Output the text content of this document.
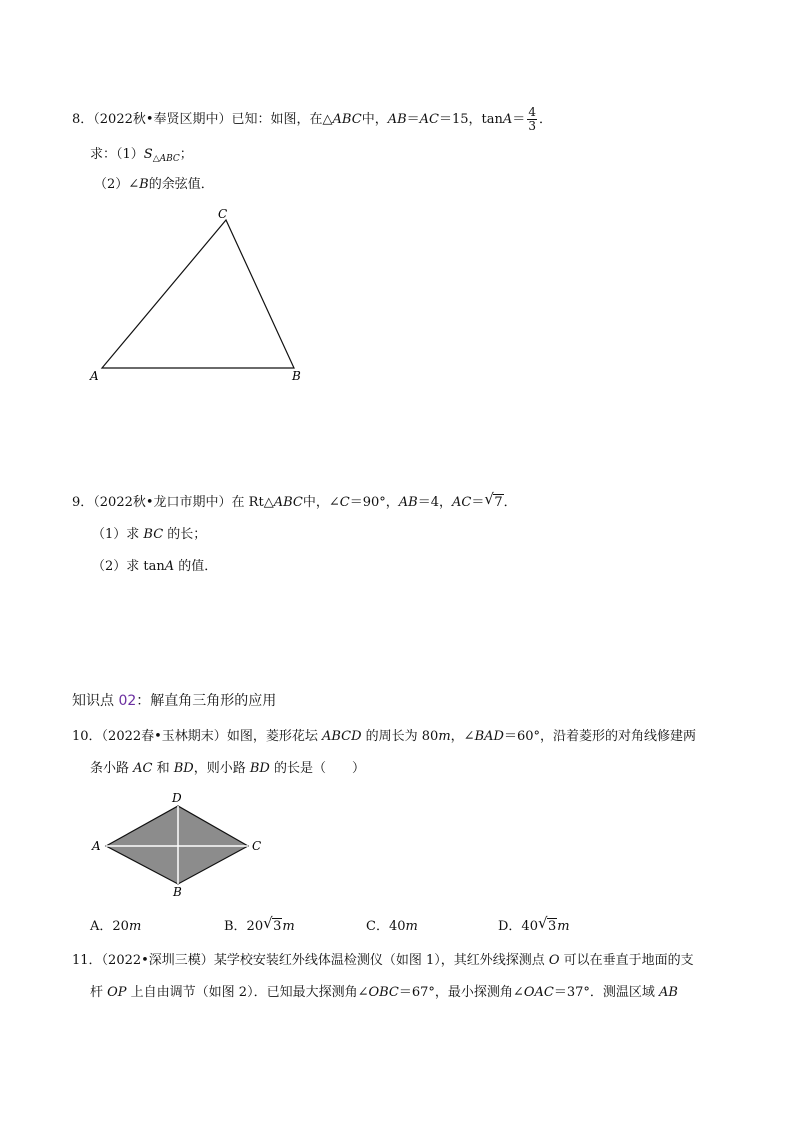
8．（2022秋•奉贤区期中）已知：如图，在△ABC中，AB＝AC＝15，$\tan A= \frac{4}{3}$ ．
求：$(1)S_{\triangle ABC}$；
（2）∠B的余弦值．
C
A	B
9．（2022秋•龙口市期中）在 Rt△ABC中，∠C＝90°，AB＝4，AC＝ √ 7．
（1）求 BC 的长；
（2）求 tanA 的值．
知识点 02：解直角三角形的应用
10．（2022春•玉林期末）如图，菱形花坛 ABCD 的周长为 80m，∠BAD＝60°，沿着菱形的对角线修建两
条小路 AC 和 BD，则小路 BD 的长是（　　）
D
A	C
B
A．20m	B．20 √ 3m	C．40m	D．40 √ 3m
11．（2022•深圳三模）某学校安装红外线体温检测仪（如图 1），其红外线探测点 O 可以在垂直于地面的支
杆 OP 上自由调节（如图 2）．已知最大探测角∠OBC＝67°，最小探测角∠OAC＝37°．测温区域 AB
